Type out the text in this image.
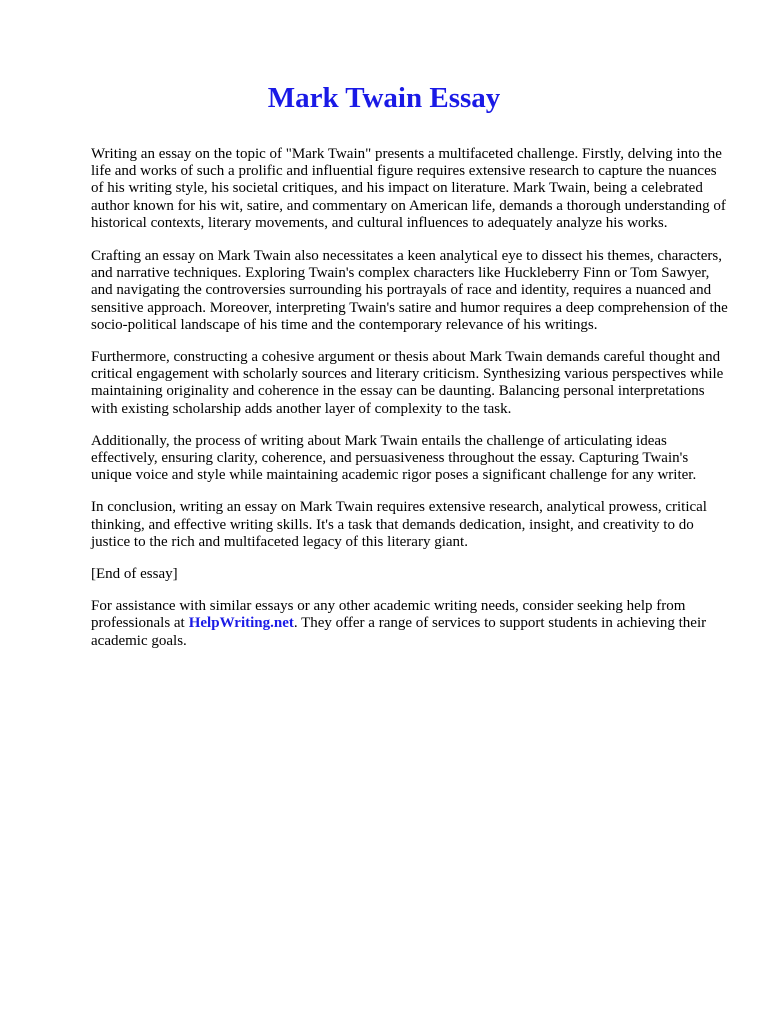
Mark Twain Essay

Writing an essay on the topic of "Mark Twain" presents a multifaceted challenge. Firstly, delving into the life and works of such a prolific and influential figure requires extensive research to capture the nuances of his writing style, his societal critiques, and his impact on literature. Mark Twain, being a celebrated author known for his wit, satire, and commentary on American life, demands a thorough understanding of historical contexts, literary movements, and cultural influences to adequately analyze his works.

Crafting an essay on Mark Twain also necessitates a keen analytical eye to dissect his themes, characters, and narrative techniques. Exploring Twain's complex characters like Huckleberry Finn or Tom Sawyer, and navigating the controversies surrounding his portrayals of race and identity, requires a nuanced and sensitive approach. Moreover, interpreting Twain's satire and humor requires a deep comprehension of the socio-political landscape of his time and the contemporary relevance of his writings.

Furthermore, constructing a cohesive argument or thesis about Mark Twain demands careful thought and critical engagement with scholarly sources and literary criticism. Synthesizing various perspectives while maintaining originality and coherence in the essay can be daunting. Balancing personal interpretations with existing scholarship adds another layer of complexity to the task.

Additionally, the process of writing about Mark Twain entails the challenge of articulating ideas effectively, ensuring clarity, coherence, and persuasiveness throughout the essay. Capturing Twain's unique voice and style while maintaining academic rigor poses a significant challenge for any writer.

In conclusion, writing an essay on Mark Twain requires extensive research, analytical prowess, critical thinking, and effective writing skills. It's a task that demands dedication, insight, and creativity to do justice to the rich and multifaceted legacy of this literary giant.

[End of essay]

For assistance with similar essays or any other academic writing needs, consider seeking help from professionals at HelpWriting.net. They offer a range of services to support students in achieving their academic goals.
